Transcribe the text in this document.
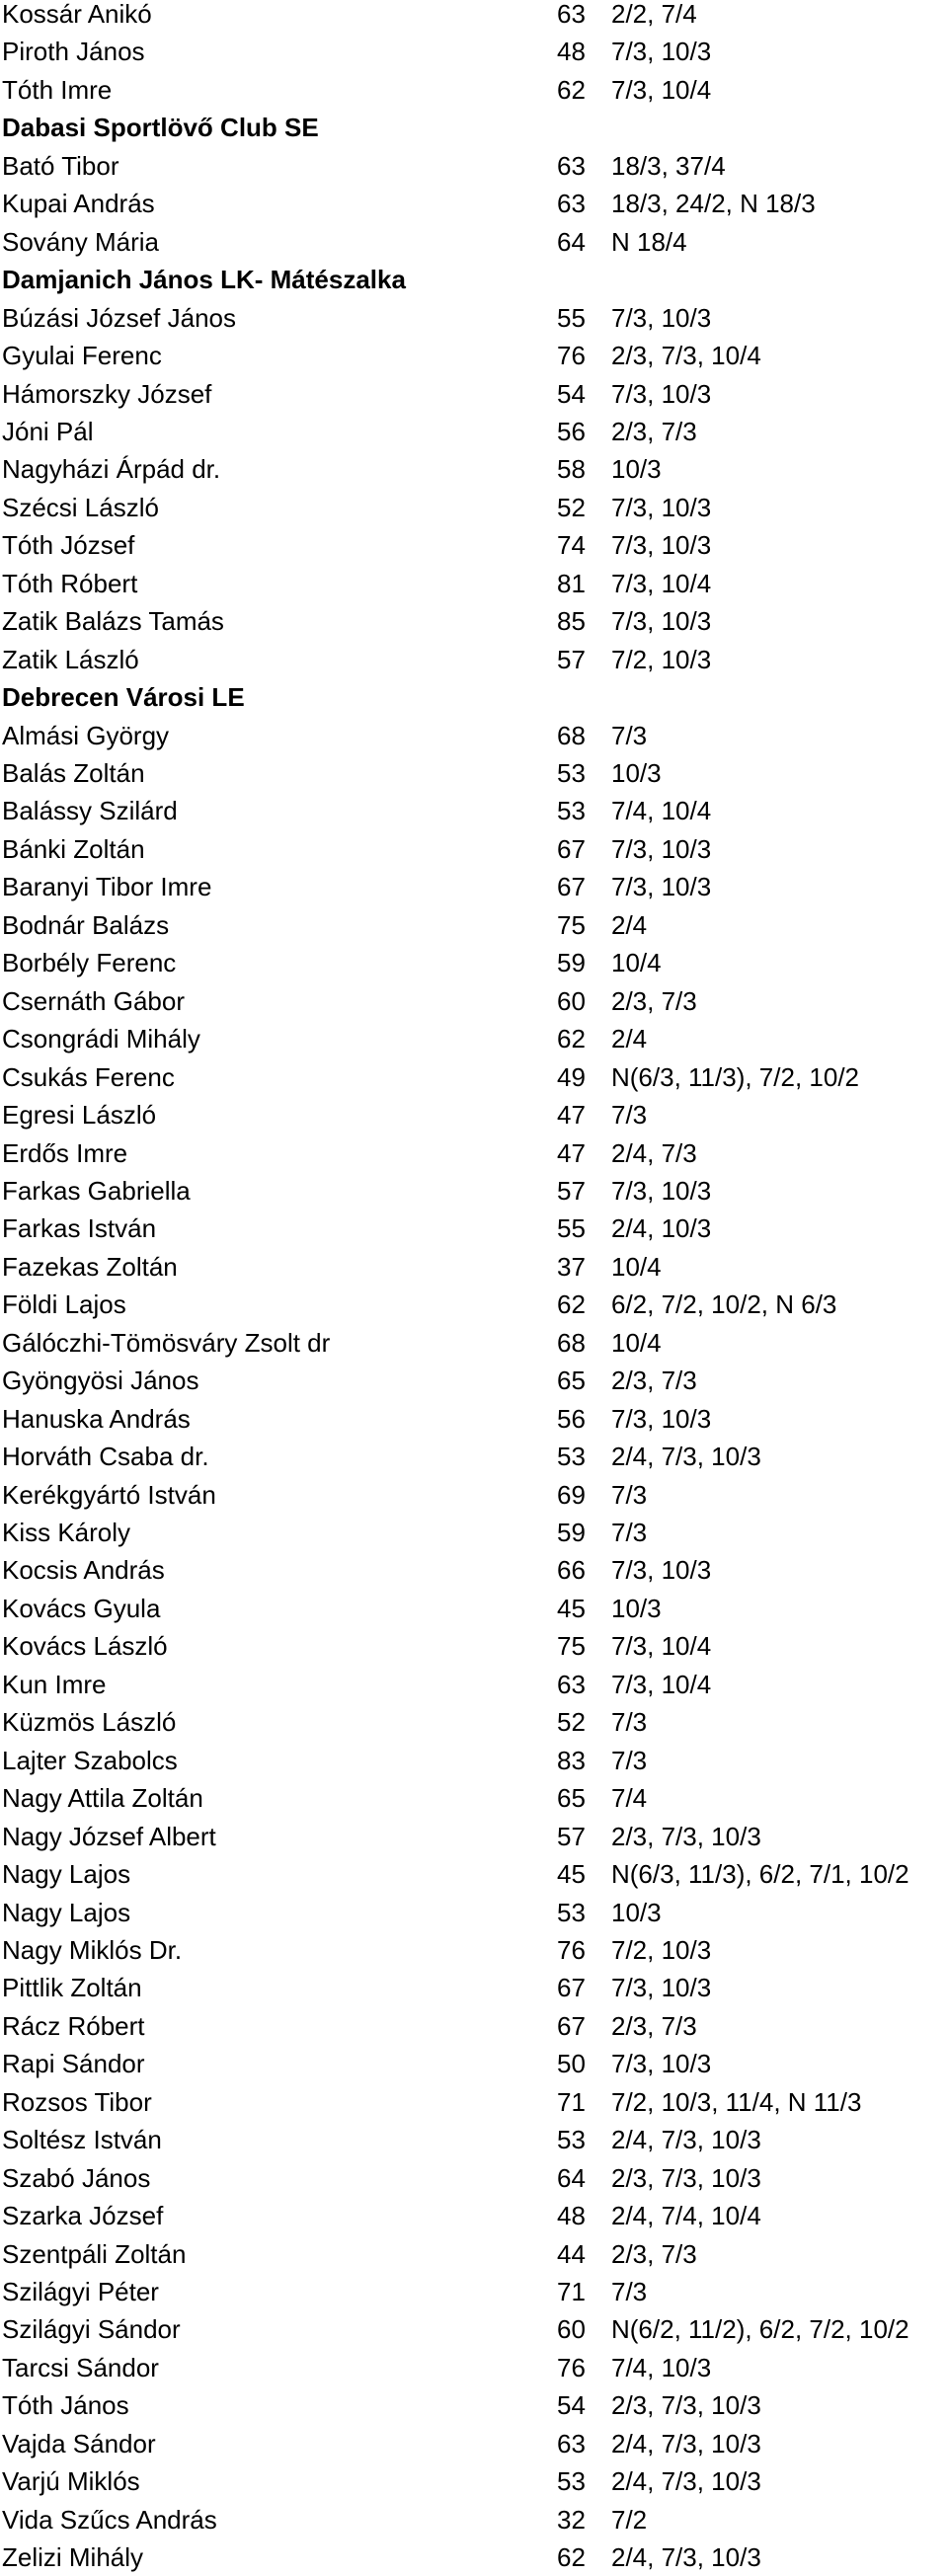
Kossár Anikó	63 2/2, 7/4
Piroth János	48 7/3, 10/3
Tóth Imre	62 7/3, 10/4
Dabasi Sportlövő Club SE
Bató Tibor	63 18/3, 37/4
Kupai András	63 18/3, 24/2, N 18/3
Sovány Mária	64 N 18/4
Damjanich János LK- Mátészalka
Búzási József János	55 7/3, 10/3
Gyulai Ferenc	76 2/3, 7/3, 10/4
Hámorszky József	54 7/3, 10/3
Jóni Pál	56 2/3, 7/3
Nagyházi Árpád dr.	58 10/3
Szécsi László	52 7/3, 10/3
Tóth József	74 7/3, 10/3
Tóth Róbert	81 7/3, 10/4
Zatik Balázs Tamás	85 7/3, 10/3
Zatik László	57 7/2, 10/3
Debrecen Városi LE
Almási György	68 7/3
Balás Zoltán	53 10/3
Balássy Szilárd	53 7/4, 10/4
Bánki Zoltán	67 7/3, 10/3
Baranyi Tibor Imre	67 7/3, 10/3
Bodnár Balázs	75 2/4
Borbély Ferenc	59 10/4
Csernáth Gábor	60 2/3, 7/3
Csongrádi Mihály	62 2/4
Csukás Ferenc	49 N(6/3, 11/3), 7/2, 10/2
Egresi László	47 7/3
Erdős Imre	47 2/4, 7/3
Farkas Gabriella	57 7/3, 10/3
Farkas István	55 2/4, 10/3
Fazekas Zoltán	37 10/4
Földi Lajos	62 6/2, 7/2, 10/2, N 6/3
Gálóczhi-Tömösváry Zsolt dr	68 10/4
Gyöngyösi János	65 2/3, 7/3
Hanuska András	56 7/3, 10/3
Horváth Csaba dr.	53 2/4, 7/3, 10/3
Kerékgyártó István	69 7/3
Kiss Károly	59 7/3
Kocsis András	66 7/3, 10/3
Kovács Gyula	45 10/3
Kovács László	75 7/3, 10/4
Kun Imre	63 7/3, 10/4
Küzmös László	52 7/3
Lajter Szabolcs	83 7/3
Nagy Attila Zoltán	65 7/4
Nagy József Albert	57 2/3, 7/3, 10/3
Nagy Lajos	45 N(6/3, 11/3), 6/2, 7/1, 10/2
Nagy Lajos	53 10/3
Nagy Miklós Dr.	76 7/2, 10/3
Pittlik Zoltán	67 7/3, 10/3
Rácz Róbert	67 2/3, 7/3
Rapi Sándor	50 7/3, 10/3
Rozsos Tibor	71 7/2, 10/3, 11/4, N 11/3
Soltész István	53 2/4, 7/3, 10/3
Szabó János	64 2/3, 7/3, 10/3
Szarka József	48 2/4, 7/4, 10/4
Szentpáli Zoltán	44 2/3, 7/3
Szilágyi Péter	71 7/3
Szilágyi Sándor	60 N(6/2, 11/2), 6/2, 7/2, 10/2
Tarcsi Sándor	76 7/4, 10/3
Tóth János	54 2/3, 7/3, 10/3
Vajda Sándor	63 2/4, 7/3, 10/3
Varjú Miklós	53 2/4, 7/3, 10/3
Vida Szűcs András	32 7/2
Zelizi Mihály	62 2/4, 7/3, 10/3
